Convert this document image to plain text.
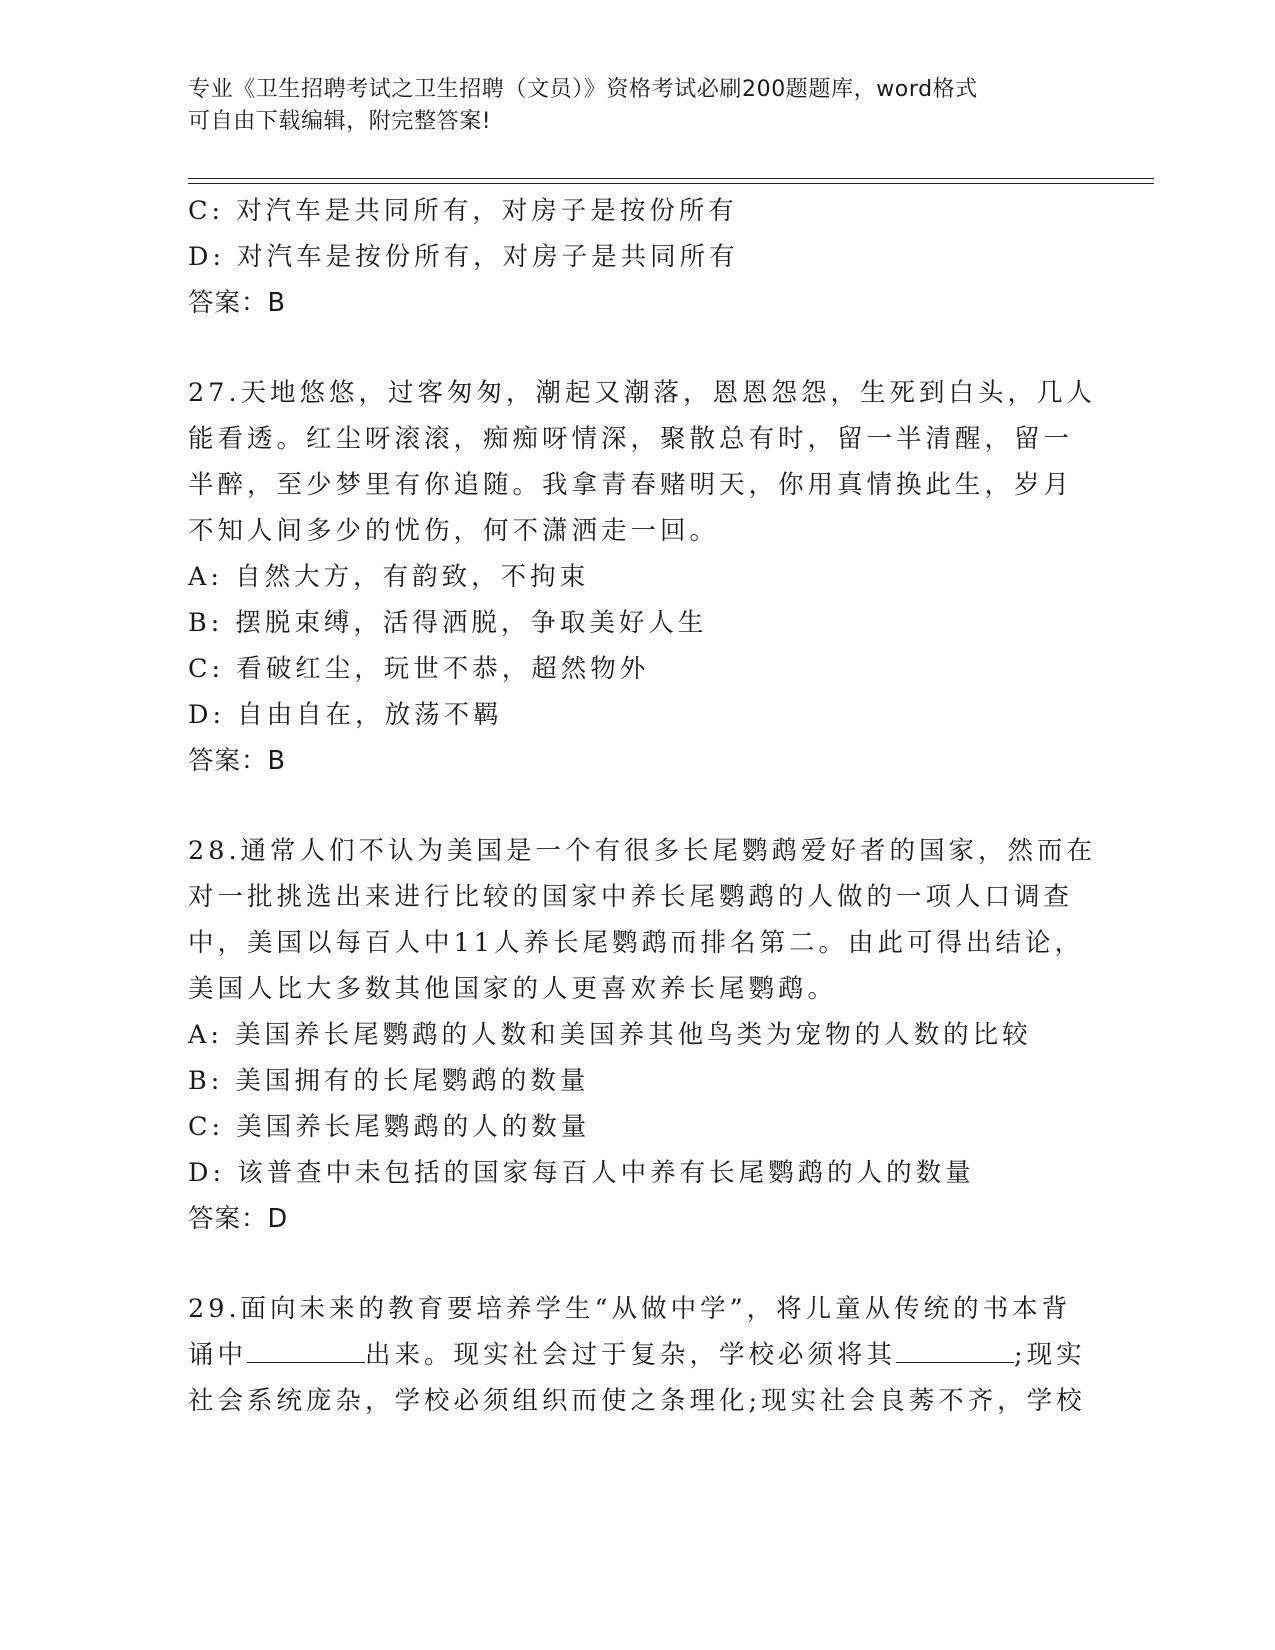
专业《卫生招聘考试之卫生招聘（文员）》资格考试必刷200题题库，word格式
可自由下载编辑，附完整答案!
C: 对汽车是共同所有，对房子是按份所有
D: 对汽车是按份所有，对房子是共同所有
答案：B
27.天地悠悠，过客匆匆，潮起又潮落，恩恩怨怨，生死到白头，几人
能看透。红尘呀滚滚，痴痴呀情深，聚散总有时，留一半清醒，留一
半醉，至少梦里有你追随。我拿青春赌明天，你用真情换此生，岁月
不知人间多少的忧伤，何不潇洒走一回。
A: 自然大方，有韵致，不拘束
B: 摆脱束缚，活得洒脱，争取美好人生
C: 看破红尘，玩世不恭，超然物外
D: 自由自在，放荡不羁
答案：B
28.通常人们不认为美国是一个有很多长尾鹦鹉爱好者的国家，然而在
对一批挑选出来进行比较的国家中养长尾鹦鹉的人做的一项人口调查
中，美国以每百人中11人养长尾鹦鹉而排名第二。由此可得出结论，
美国人比大多数其他国家的人更喜欢养长尾鹦鹉。
A: 美国养长尾鹦鹉的人数和美国养其他鸟类为宠物的人数的比较
B: 美国拥有的长尾鹦鹉的数量
C: 美国养长尾鹦鹉的人的数量
D: 该普查中未包括的国家每百人中养有长尾鹦鹉的人的数量
答案：D
29.面向未来的教育要培养学生“从做中学”，将儿童从传统的书本背
诵中	出来。现实社会过于复杂，学校必须将其	;现实
社会系统庞杂，学校必须组织而使之条理化;现实社会良莠不齐，学校
